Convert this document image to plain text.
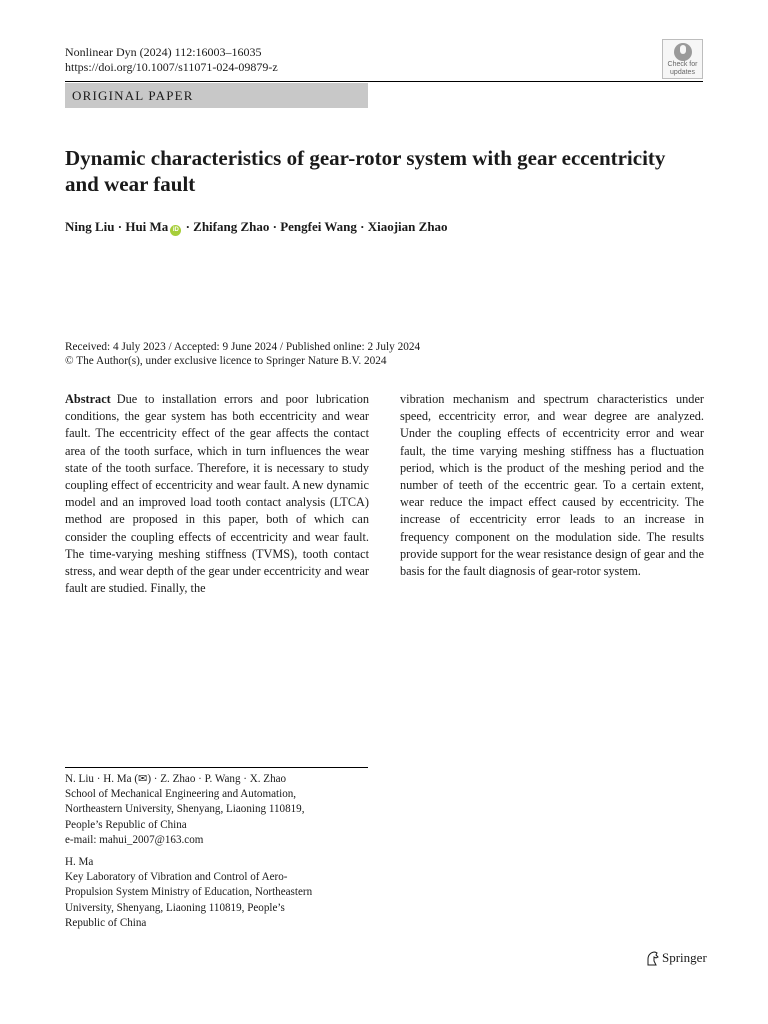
Nonlinear Dyn (2024) 112:16003–16035
https://doi.org/10.1007/s11071-024-09879-z	Check for
updates
ORIGINAL PAPER
Dynamic characteristics of gear-rotor system with gear eccentricity and wear fault
Ning Liu · Hui Ma iD · Zhifang Zhao · Pengfei Wang · Xiaojian Zhao
Received: 4 July 2023 / Accepted: 9 June 2024 / Published online: 2 July 2024
© The Author(s), under exclusive licence to Springer Nature B.V. 2024
Abstract Due to installation errors and poor lubrication conditions, the gear system has both eccentricity and wear fault. The eccentricity effect of the gear affects the contact area of the tooth surface, which in turn influences the wear state of the tooth surface. Therefore, it is necessary to study coupling effect of eccentricity and wear fault. A new dynamic model and an improved load tooth contact analysis (LTCA) method are proposed in this paper, both of which can consider the coupling effects of eccentricity and wear fault. The time-varying meshing stiffness (TVMS), tooth contact stress, and wear depth of the gear under eccentricity and wear fault are studied. Finally, the
vibration mechanism and spectrum characteristics under speed, eccentricity error, and wear degree are analyzed. Under the coupling effects of eccentricity error and wear fault, the time varying meshing stiffness has a fluctuation period, which is the product of the meshing period and the number of teeth of the eccentric gear. To a certain extent, wear reduce the impact effect caused by eccentricity. The increase of eccentricity error leads to an increase in frequency component on the modulation side. The results provide support for the wear resistance design of gear and the basis for the fault diagnosis of gear-rotor system.
N. Liu · H. Ma (✉) · Z. Zhao · P. Wang · X. Zhao
School of Mechanical Engineering and Automation,
Northeastern University, Shenyang, Liaoning 110819,
People’s Republic of China
e-mail: mahui_2007@163.com
H. Ma
Key Laboratory of Vibration and Control of Aero-
Propulsion System Ministry of Education, Northeastern
University, Shenyang, Liaoning 110819, People’s
Republic of China
Springer
